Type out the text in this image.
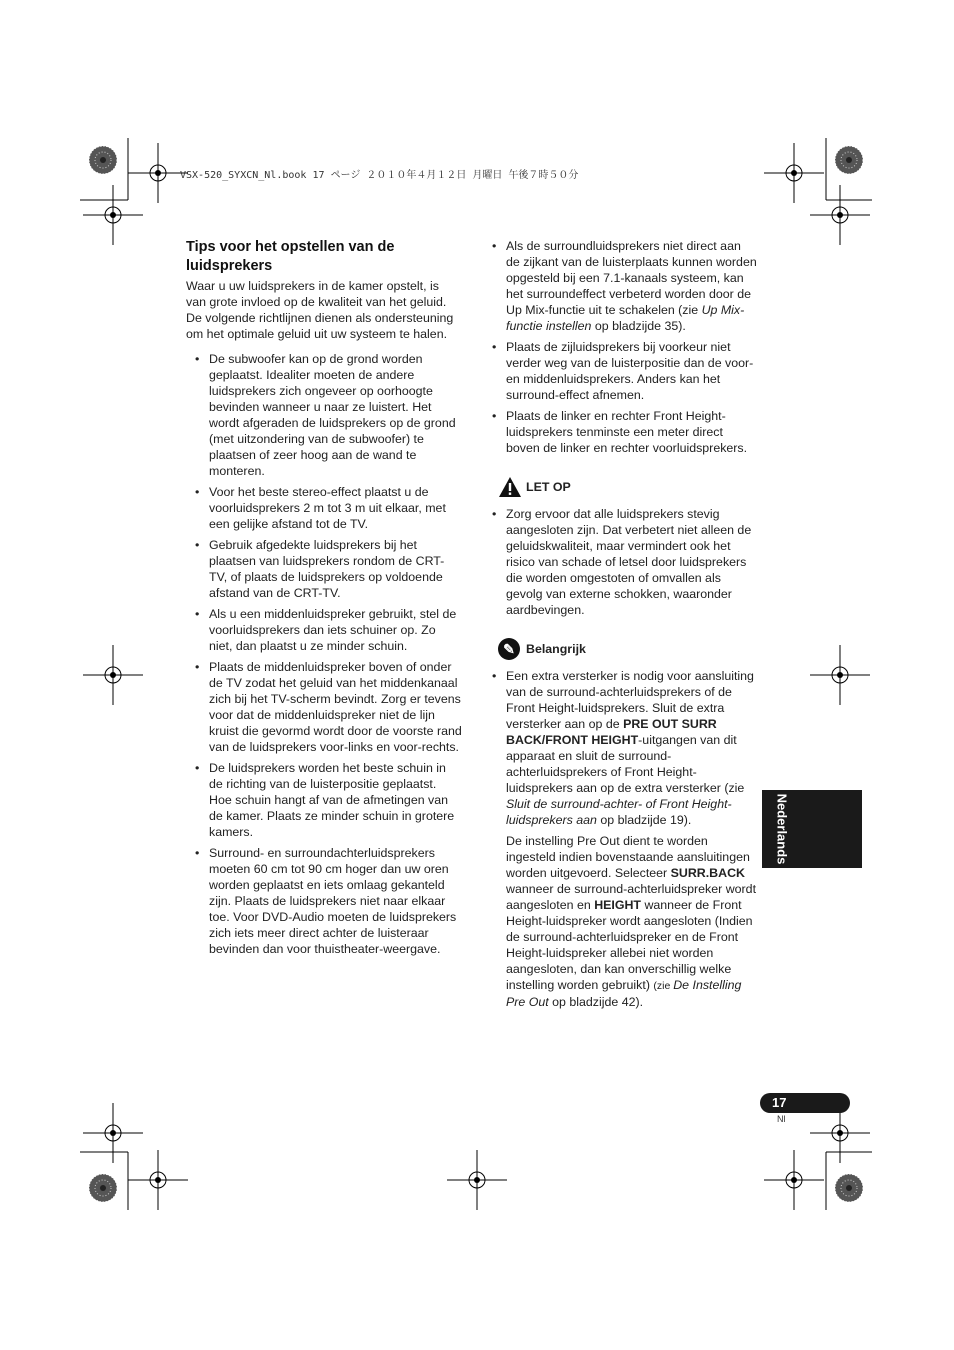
VSX-520_SYXCN_Nl.book 17 ページ ２０１０年４月１２日 月曜日 午後７時５０分
Tips voor het opstellen van de luidsprekers

Waar u uw luidsprekers in de kamer opstelt, is van grote invloed op de kwaliteit van het geluid. De volgende richtlijnen dienen als ondersteuning om het optimale geluid uit uw systeem te halen.

• De subwoofer kan op de grond worden geplaatst. Idealiter moeten de andere luidsprekers zich ongeveer op oorhoogte bevinden wanneer u naar ze luistert. Het wordt afgeraden de luidsprekers op de grond (met uitzondering van de subwoofer) te plaatsen of zeer hoog aan de wand te monteren.
• Voor het beste stereo-effect plaatst u de voorluidsprekers 2 m tot 3 m uit elkaar, met een gelijke afstand tot de TV.
• Gebruik afgedekte luidsprekers bij het plaatsen van luidsprekers rondom de CRT-TV, of plaats de luidsprekers op voldoende afstand van de CRT-TV.
• Als u een middenluidspreker gebruikt, stel de voorluidsprekers dan iets schuiner op. Zo niet, dan plaatst u ze minder schuin.
• Plaats de middenluidspreker boven of onder de TV zodat het geluid van het middenkanaal zich bij het TV-scherm bevindt. Zorg er tevens voor dat de middenluidspreker niet de lijn kruist die gevormd wordt door de voorste rand van de luidsprekers voor-links en voor-rechts.
• De luidsprekers worden het beste schuin in de richting van de luisterpositie geplaatst. Hoe schuin hangt af van de afmetingen van de kamer. Plaats ze minder schuin in grotere kamers.
• Surround- en surroundachterluidsprekers moeten 60 cm tot 90 cm hoger dan uw oren worden geplaatst en iets omlaag gekanteld zijn. Plaats de luidsprekers niet naar elkaar toe. Voor DVD-Audio moeten de luidsprekers zich iets meer direct achter de luisteraar bevinden dan voor thuistheater-weergave.
• Als de surroundluidsprekers niet direct aan de zijkant van de luisterplaats kunnen worden opgesteld bij een 7.1-kanaals systeem, kan het surroundeffect verbeterd worden door de Up Mix-functie uit te schakelen (zie Up Mix-functie instellen op bladzijde 35).
• Plaats de zijluidsprekers bij voorkeur niet verder weg van de luisterpositie dan de voor- en middenluidsprekers. Anders kan het surround-effect afnemen.
• Plaats de linker en rechter Front Height-luidsprekers tenminste een meter direct boven de linker en rechter voorluidsprekers.
LET OP
• Zorg ervoor dat alle luidsprekers stevig aangesloten zijn. Dat verbetert niet alleen de geluidskwaliteit, maar vermindert ook het risico van schade of letsel door luidsprekers die worden omgestoten of omvallen als gevolg van externe schokken, waaronder aardbevingen.
✎ Belangrijk
• Een extra versterker is nodig voor aansluiting van de surround-achterluidsprekers of de Front Height-luidsprekers. Sluit de extra versterker aan op de PRE OUT SURR BACK/FRONT HEIGHT-uitgangen van dit apparaat en sluit de surround-achterluidsprekers of Front Height-luidsprekers aan op de extra versterker (zie Sluit de surround-achter- of Front Height-luidsprekers aan op bladzijde 19).

De instelling Pre Out dient te worden ingesteld indien bovenstaande aansluitingen worden uitgevoerd. Selecteer SURR.BACK wanneer de surround-achterluidspreker wordt aangesloten en HEIGHT wanneer de Front Height-luidspreker wordt aangesloten (Indien de surround-achterluidspreker en de Front Height-luidspreker allebei niet worden aangesloten, dan kan onverschillig welke instelling worden gebruikt) (zie De Instelling Pre Out op bladzijde 42).

Nederlands
17
Nl
